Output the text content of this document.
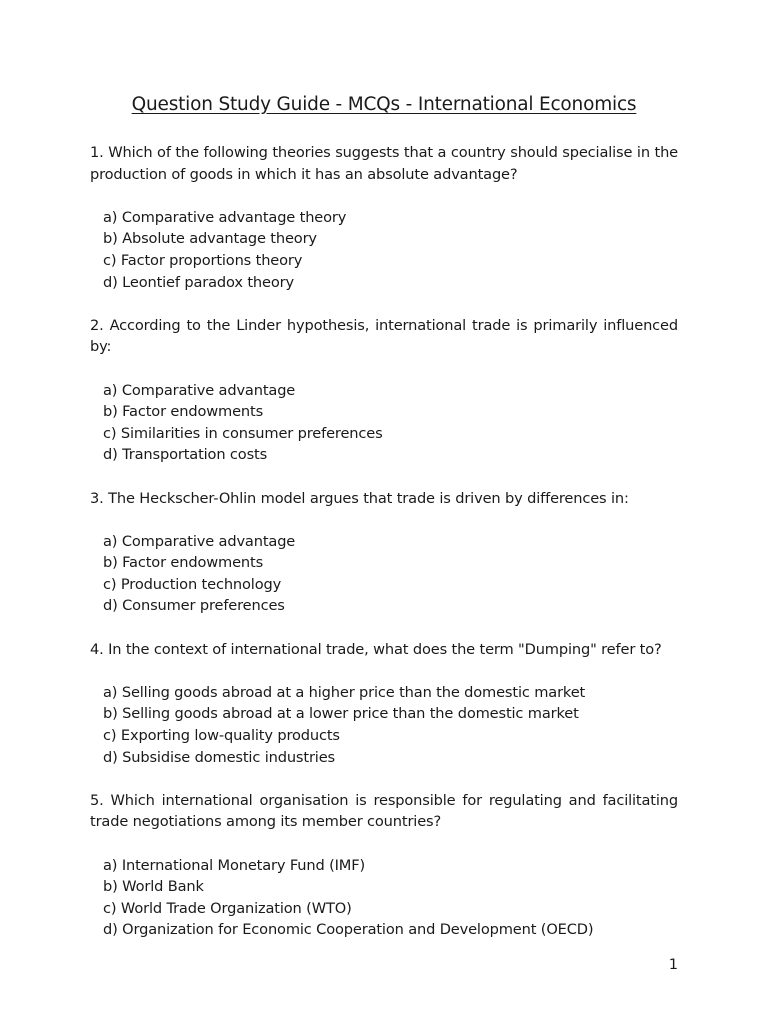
Question Study Guide - MCQs - International Economics

1. Which of the following theories suggests that a country should specialise in the production of goods in which it has an absolute advantage?

a) Comparative advantage theory
b) Absolute advantage theory
c) Factor proportions theory
d) Leontief paradox theory

2. According to the Linder hypothesis, international trade is primarily influenced by:

a) Comparative advantage
b) Factor endowments
c) Similarities in consumer preferences
d) Transportation costs

3. The Heckscher-Ohlin model argues that trade is driven by differences in:

a) Comparative advantage
b) Factor endowments
c) Production technology
d) Consumer preferences

4. In the context of international trade, what does the term "Dumping" refer to?

a) Selling goods abroad at a higher price than the domestic market
b) Selling goods abroad at a lower price than the domestic market
c) Exporting low-quality products
d) Subsidise domestic industries

5. Which international organisation is responsible for regulating and facilitating trade negotiations among its member countries?

a) International Monetary Fund (IMF)
b) World Bank
c) World Trade Organization (WTO)
d) Organization for Economic Cooperation and Development (OECD)
1
